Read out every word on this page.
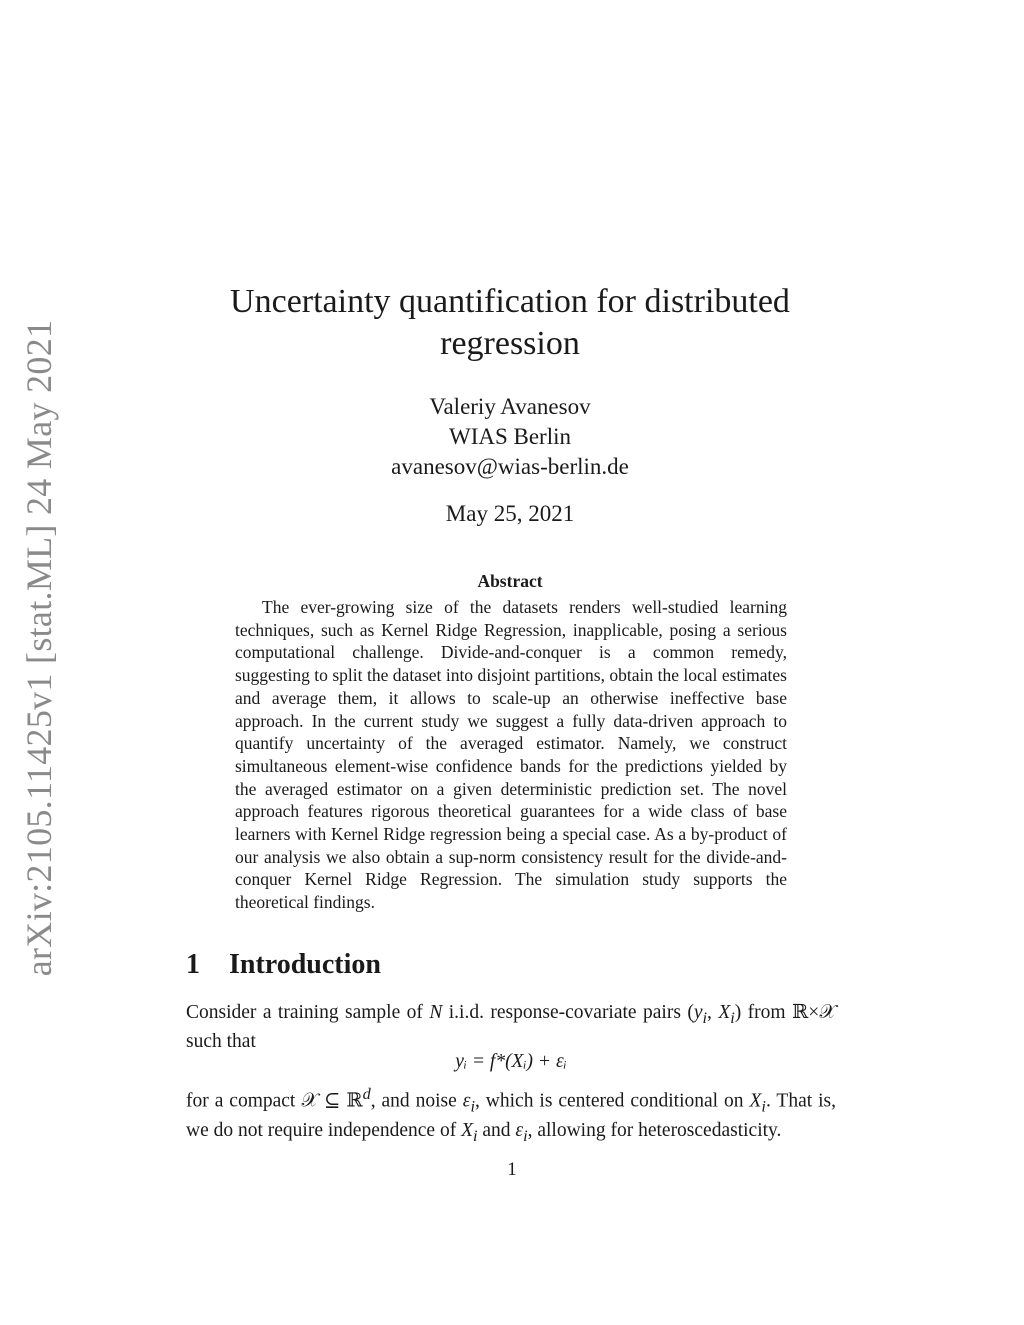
arXiv:2105.11425v1 [stat.ML] 24 May 2021
Uncertainty quantification for distributed
regression
Valeriy Avanesov
WIAS Berlin
avanesov@wias-berlin.de
May 25, 2021
Abstract

The ever-growing size of the datasets renders well-studied learning techniques, such as Kernel Ridge Regression, inapplicable, posing a serious computational challenge. Divide-and-conquer is a common remedy, suggesting to split the dataset into disjoint partitions, obtain the local estimates and average them, it allows to scale-up an otherwise ineffective base approach. In the current study we suggest a fully data-driven approach to quantify uncertainty of the averaged estimator. Namely, we construct simultaneous element-wise confidence bands for the predictions yielded by the averaged estimator on a given deterministic prediction set. The novel approach features rigorous theoretical guarantees for a wide class of base learners with Kernel Ridge regression being a special case. As a by-product of our analysis we also obtain a sup-norm consistency result for the divide-and-conquer Kernel Ridge Regression. The simulation study supports the theoretical findings.

1 Introduction

Consider a training sample of N i.i.d. response-covariate pairs ($y_i$, $X_i$) from ℝ×𝒳 such that

yᵢ = f*(Xᵢ) + εᵢ

for a compact 𝒳 ⊆ ℝ$^d$, and noise $\varepsilon_i$, which is centered conditional on $X_i$. That is, we do not require independence of $X_i$ and $\varepsilon_i$, allowing for heteroscedasticity.

1
